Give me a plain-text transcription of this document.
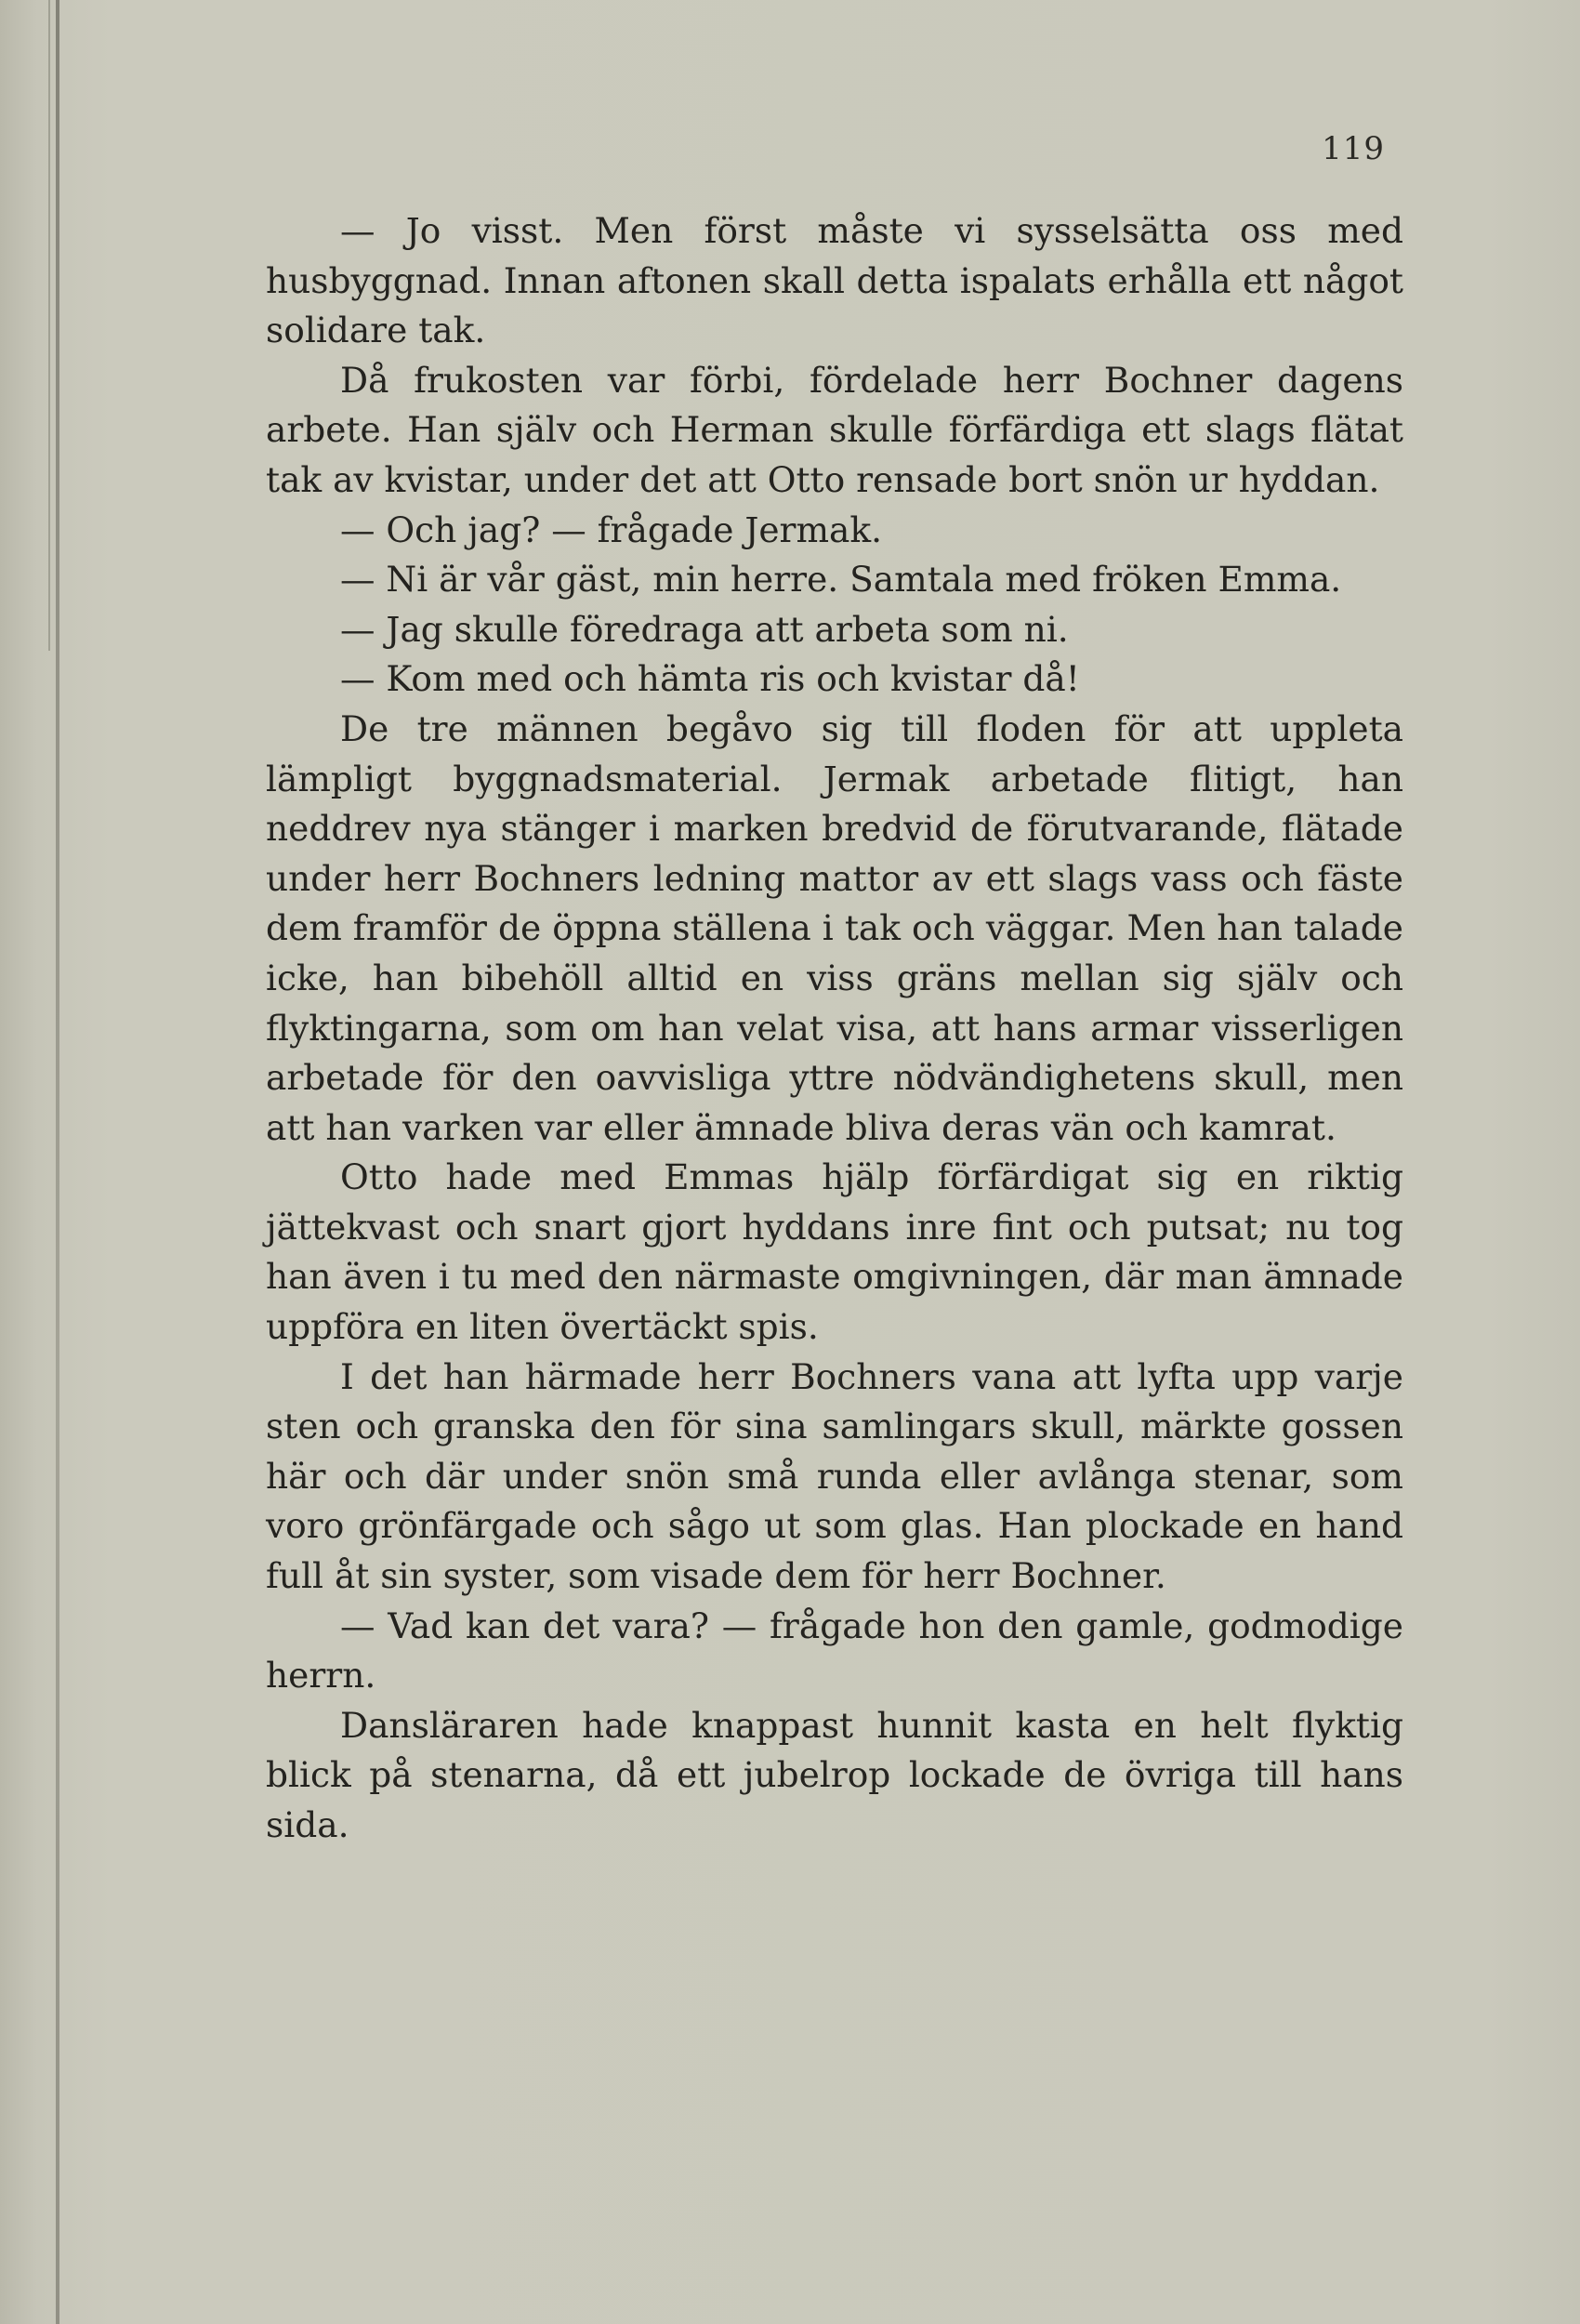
119

— Jo visst. Men först måste vi sysselsätta oss med husbyggnad. Innan aftonen skall detta ispalats erhålla ett något solidare tak.

Då frukosten var förbi, fördelade herr Bochner dagens arbete. Han själv och Herman skulle förfärdiga ett slags flätat tak av kvistar, under det att Otto rensade bort snön ur hyddan.

— Och jag? — frågade Jermak.

— Ni är vår gäst, min herre. Samtala med fröken Emma.

— Jag skulle föredraga att arbeta som ni.

— Kom med och hämta ris och kvistar då!

De tre männen begåvo sig till floden för att uppleta lämpligt byggnadsmaterial. Jermak arbetade flitigt, han neddrev nya stänger i marken bredvid de förutvarande, flätade under herr Bochners ledning mattor av ett slags vass och fäste dem framför de öppna ställena i tak och väggar. Men han talade icke, han bibehöll alltid en viss gräns mellan sig själv och flyktingarna, som om han velat visa, att hans armar visserligen arbetade för den oavvisliga yttre nödvändighetens skull, men att han varken var eller ämnade bliva deras vän och kamrat.

Otto hade med Emmas hjälp förfärdigat sig en riktig jättekvast och snart gjort hyddans inre fint och putsat; nu tog han även i tu med den närmaste omgivningen, där man ämnade uppföra en liten övertäckt spis.

I det han härmade herr Bochners vana att lyfta upp varje sten och granska den för sina samlingars skull, märkte gossen här och där under snön små runda eller avlånga stenar, som voro grönfärgade och sågo ut som glas. Han plockade en hand full åt sin syster, som visade dem för herr Bochner.

— Vad kan det vara? — frågade hon den gamle, godmodige herrn.

Dansläraren hade knappast hunnit kasta en helt flyktig blick på stenarna, då ett jubelrop lockade de övriga till hans sida.
